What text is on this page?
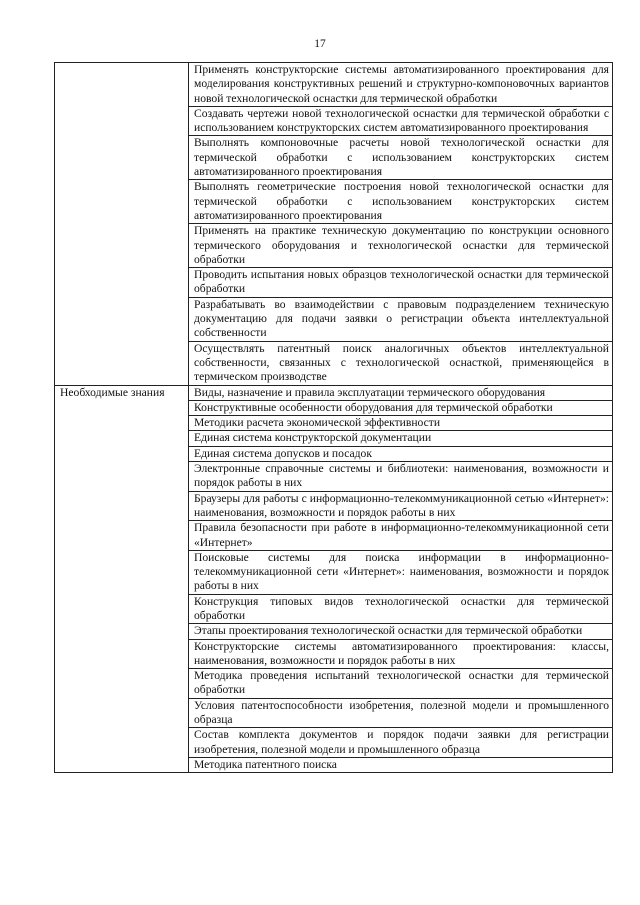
17
	Применять конструкторские системы автоматизированного проектирования для моделирования конструктивных решений и структурно-компоновочных вариантов новой технологической оснастки для термической обработки
	Создавать чертежи новой технологической оснастки для термической обработки с использованием конструкторских систем автоматизированного проектирования
	Выполнять компоновочные расчеты новой технологической оснастки для термической обработки с использованием конструкторских систем автоматизированного проектирования
	Выполнять геометрические построения новой технологической оснастки для термической обработки с использованием конструкторских систем автоматизированного проектирования
	Применять на практике техническую документацию по конструкции основного термического оборудования и технологической оснастки для термической обработки
	Проводить испытания новых образцов технологической оснастки для термической обработки
	Разрабатывать во взаимодействии с правовым подразделением техническую документацию для подачи заявки о регистрации объекта интеллектуальной собственности
	Осуществлять патентный поиск аналогичных объектов интеллектуальной собственности, связанных с технологической оснасткой, применяющейся в термическом производстве
Необходимые знания	Виды, назначение и правила эксплуатации термического оборудования
	Конструктивные особенности оборудования для термической обработки
	Методики расчета экономической эффективности
	Единая система конструкторской документации
	Единая система допусков и посадок
	Электронные справочные системы и библиотеки: наименования, возможности и порядок работы в них
	Браузеры для работы с информационно-телекоммуникационной сетью «Интернет»: наименования, возможности и порядок работы в них
	Правила безопасности при работе в информационно-телекоммуникационной сети «Интернет»
	Поисковые системы для поиска информации в информационно-телекоммуникационной сети «Интернет»: наименования, возможности и порядок работы в них
	Конструкция типовых видов технологической оснастки для термической обработки
	Этапы проектирования технологической оснастки для термической обработки
	Конструкторские системы автоматизированного проектирования: классы, наименования, возможности и порядок работы в них
	Методика проведения испытаний технологической оснастки для термической обработки
	Условия патентоспособности изобретения, полезной модели и промышленного образца
	Состав комплекта документов и порядок подачи заявки для регистрации изобретения, полезной модели и промышленного образца
	Методика патентного поиска
